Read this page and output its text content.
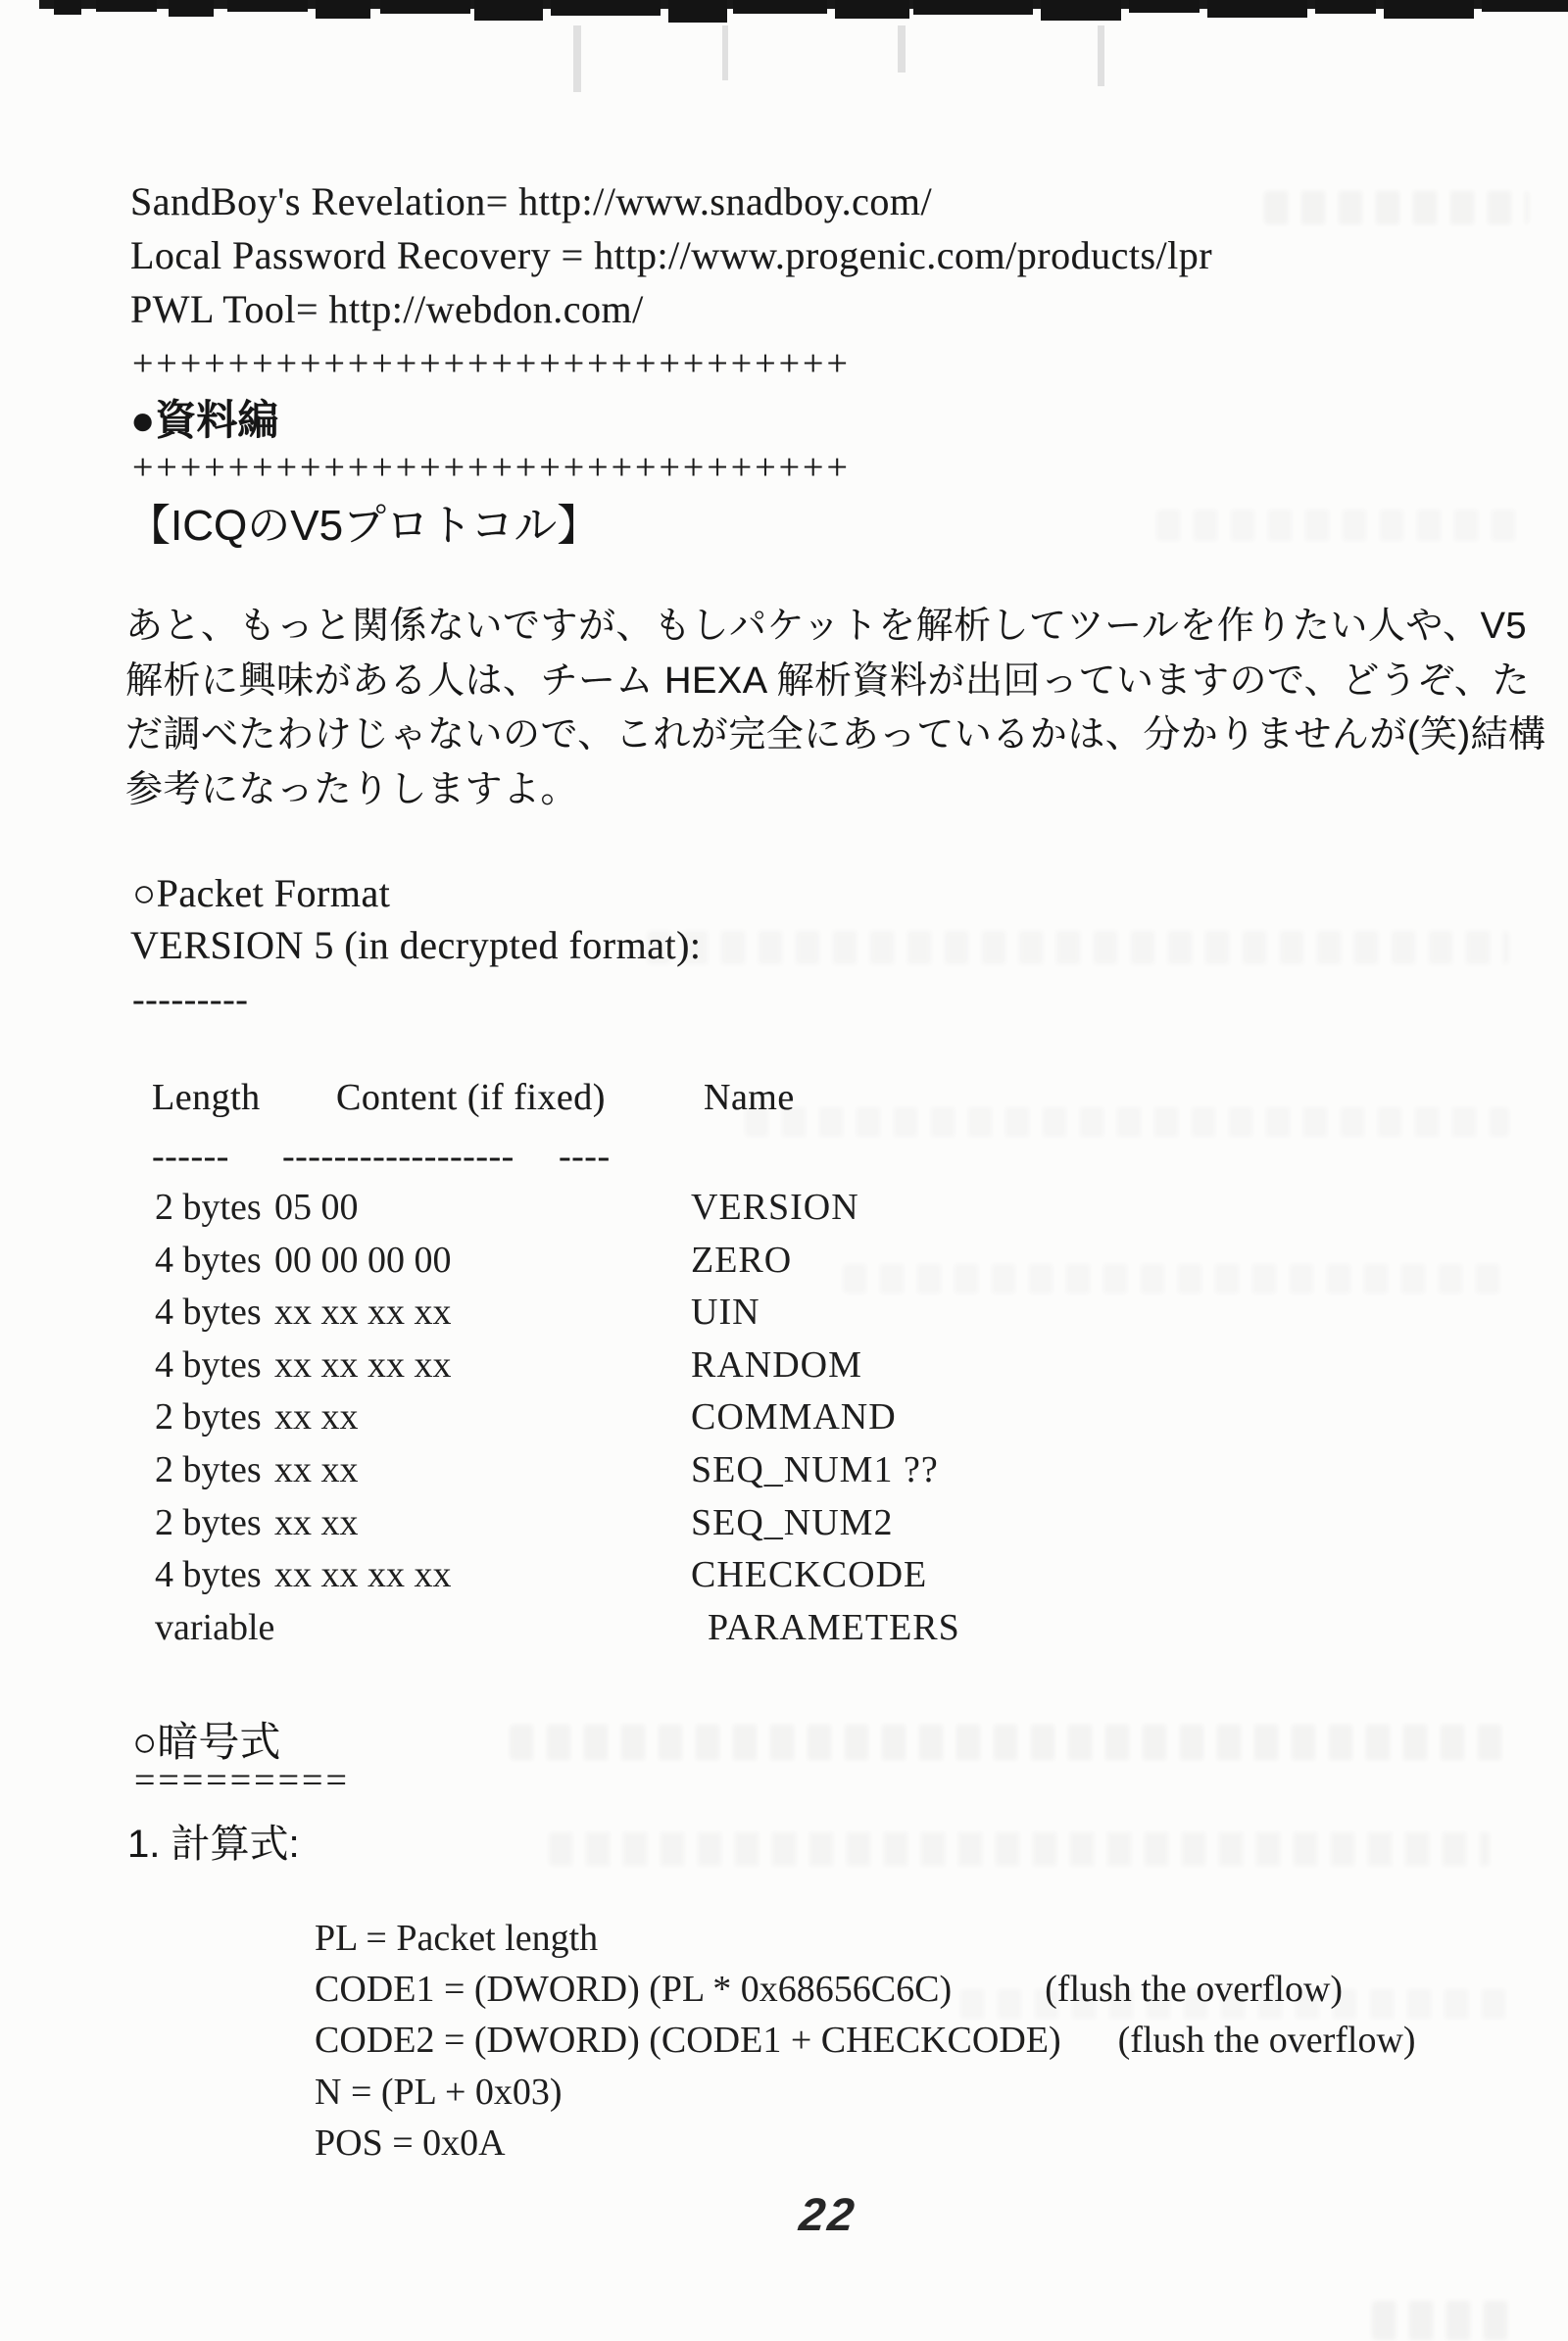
SandBoy's Revelation= http://www.snadboy.com/
Local Password Recovery = http://www.progenic.com/products/lpr
PWL Tool= http://webdon.com/
++++++++++++++++++++++++++++++
●資料編
++++++++++++++++++++++++++++++
【ICQのV5プロトコル】
あと、もっと関係ないですが、もしパケットを解析してツールを作りたい人や、V5
解析に興味がある人は、チーム HEXA 解析資料が出回っていますので、どうぞ、た
だ調べたわけじゃないので、これが完全にあっているかは、分かりませんが(笑)結構
参考になったりしますよ。
○Packet Format
VERSION 5 (in decrypted format):
---------
Length Content (if fixed)	Name
------ ------------------ ----
2 bytes 05 00	VERSION
4 bytes 00 00 00 00	ZERO
4 bytes xx xx xx xx	UIN
4 bytes xx xx xx xx	RANDOM
2 bytes xx xx	COMMAND
2 bytes xx xx	SEQ_NUM1 ??
2 bytes xx xx	SEQ_NUM2
4 bytes xx xx xx xx	CHECKCODE
variable	PARAMETERS
○暗号式
=========
1. 計算式:

PL = Packet length

CODE1 = (DWORD) (PL * 0x68656C6C)	(flush the overflow)

CODE2 = (DWORD) (CODE1 + CHECKCODE) (flush the overflow)

N = (PL + 0x03)

POS = 0x0A

22
